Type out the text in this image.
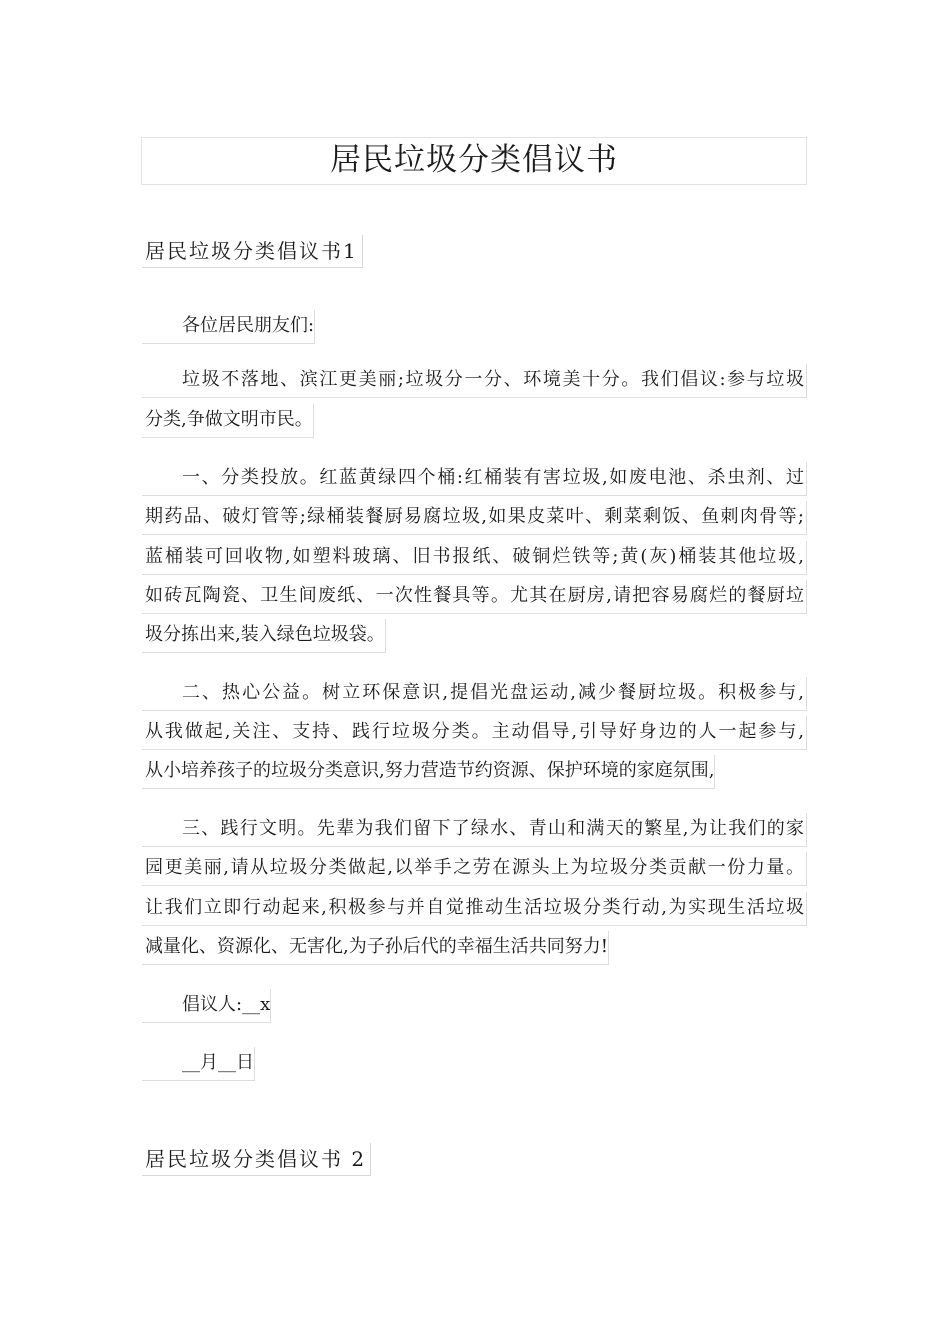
居民垃圾分类倡议书
居民垃圾分类倡议书1
各位居民朋友们:
垃圾不落地、滨江更美丽;垃圾分一分、环境美十分。我们倡议:参与垃圾
分类,争做文明市民。
一、分类投放。红蓝黄绿四个桶:红桶装有害垃圾,如废电池、杀虫剂、过
期药品、破灯管等;绿桶装餐厨易腐垃圾,如果皮菜叶、剩菜剩饭、鱼刺肉骨等;
蓝桶装可回收物,如塑料玻璃、旧书报纸、破铜烂铁等;黄(灰)桶装其他垃圾,
如砖瓦陶瓷、卫生间废纸、一次性餐具等。尤其在厨房,请把容易腐烂的餐厨垃
圾分拣出来,装入绿色垃圾袋。
二、热心公益。树立环保意识,提倡光盘运动,减少餐厨垃圾。积极参与,
从我做起,关注、支持、践行垃圾分类。主动倡导,引导好身边的人一起参与,
从小培养孩子的垃圾分类意识,努力营造节约资源、保护环境的家庭氛围,
三、践行文明。先辈为我们留下了绿水、青山和满天的繁星,为让我们的家
园更美丽,请从垃圾分类做起,以举手之劳在源头上为垃圾分类贡献一份力量。
让我们立即行动起来,积极参与并自觉推动生活垃圾分类行动,为实现生活垃圾
减量化、资源化、无害化,为子孙后代的幸福生活共同努力!
倡议人:__x
__月__日
居民垃圾分类倡议书 2
